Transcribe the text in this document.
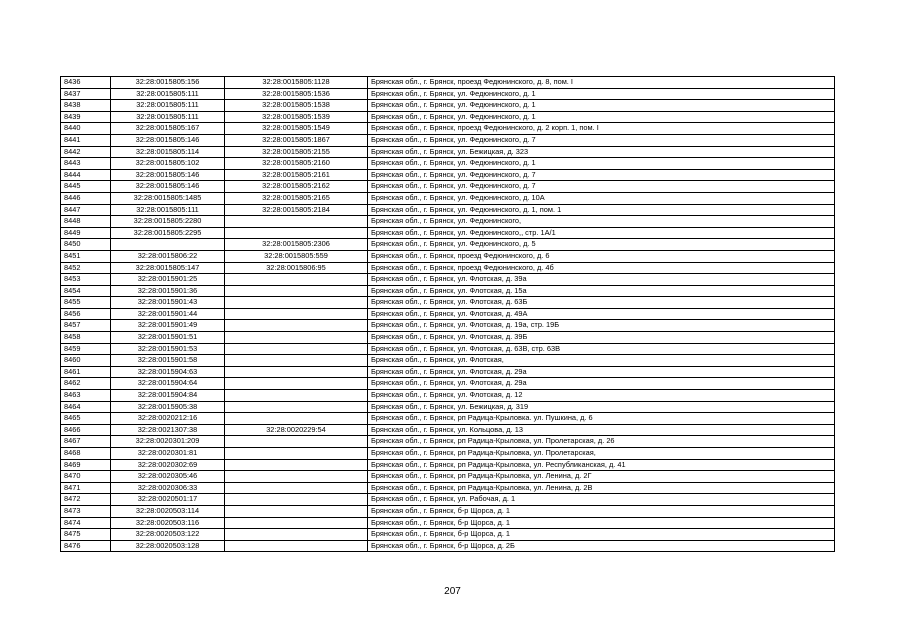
8436	32:28:0015805:156	32:28:0015805:1128	Брянская обл., г. Брянск, проезд Федюнинского, д. 8, пом. I
8437	32:28:0015805:111	32:28:0015805:1536	Брянская обл., г. Брянск, ул. Федюнинского, д. 1
8438	32:28:0015805:111	32:28:0015805:1538	Брянская обл., г. Брянск, ул. Федюнинского, д. 1
8439	32:28:0015805:111	32:28:0015805:1539	Брянская обл., г. Брянск, ул. Федюнинского, д. 1
8440	32:28:0015805:167	32:28:0015805:1549	Брянская обл., г. Брянск, проезд Федюнинского, д. 2 корп. 1, пом. I
8441	32:28:0015805:146	32:28:0015805:1867	Брянская обл., г. Брянск, ул. Федюнинского, д. 7
8442	32:28:0015805:114	32:28:0015805:2155	Брянская обл., г. Брянск, ул. Бежицкая, д. 323
8443	32:28:0015805:102	32:28:0015805:2160	Брянская обл., г. Брянск, ул. Федюнинского, д. 1
8444	32:28:0015805:146	32:28:0015805:2161	Брянская обл., г. Брянск, ул. Федюнинского, д. 7
8445	32:28:0015805:146	32:28:0015805:2162	Брянская обл., г. Брянск, ул. Федюнинского, д. 7
8446	32:28:0015805:1485	32:28:0015805:2165	Брянская обл., г. Брянск, ул. Федюнинского, д. 10А
8447	32:28:0015805:111	32:28:0015805:2184	Брянская обл., г. Брянск, ул. Федюнинского, д. 1, пом. 1
8448	32:28:0015805:2280		Брянская обл., г. Брянск, ул. Федюнинского,
8449	32:28:0015805:2295		Брянская обл., г. Брянск, ул. Федюнинского,, стр. 1А/1
8450		32:28:0015805:2306	Брянская обл., г. Брянск, ул. Федюнинского, д. 5
8451	32:28:0015806:22	32:28:0015805:559	Брянская обл., г. Брянск, проезд Федюнинского, д. 6
8452	32:28:0015805:147	32:28:0015806:95	Брянская обл., г. Брянск, проезд Федюнинского, д. 4б
8453	32:28:0015901:25		Брянская обл., г. Брянск, ул. Флотская, д. 39а
8454	32:28:0015901:36		Брянская обл., г. Брянск, ул. Флотская, д. 15а
8455	32:28:0015901:43		Брянская обл., г. Брянск, ул. Флотская, д. 63Б
8456	32:28:0015901:44		Брянская обл., г. Брянск, ул. Флотская, д. 49А
8457	32:28:0015901:49		Брянская обл., г. Брянск, ул. Флотская, д. 19а, стр. 19Б
8458	32:28:0015901:51		Брянская обл., г. Брянск, ул. Флотская, д. 39Б
8459	32:28:0015901:53		Брянская обл., г. Брянск, ул. Флотская, д. 63В, стр. 63В
8460	32:28:0015901:58		Брянская обл., г. Брянск, ул. Флотская,
8461	32:28:0015904:63		Брянская обл., г. Брянск, ул. Флотская, д. 29а
8462	32:28:0015904:64		Брянская обл., г. Брянск, ул. Флотская, д. 29а
8463	32:28:0015904:84		Брянская обл., г. Брянск, ул. Флотская, д. 12
8464	32:28:0015905:38		Брянская обл., г. Брянск, ул. Бежицкая, д. 319
8465	32:28:0020212:16		Брянская обл., г. Брянск, рп Радица-Крыловка. ул. Пушкина, д. 6
8466	32:28:0021307:38	32:28:0020229:54	Брянская обл., г. Брянск, ул. Кольцова, д. 13
8467	32:28:0020301:209		Брянская обл., г. Брянск, рп Радица-Крыловка, ул. Пролетарская, д. 26
8468	32:28:0020301:81		Брянская обл., г. Брянск, рп Радица-Крыловка, ул. Пролетарская,
8469	32:28:0020302:69		Брянская обл., г. Брянск, рп Радица-Крыловка, ул. Республиканская, д. 41
8470	32:28:0020305:46		Брянская обл., г. Брянск, рп Радица-Крыловка, ул. Ленина, д. 2Г
8471	32:28:0020306:33		Брянская обл., г. Брянск, рп Радица-Крыловка, ул. Ленина, д. 2В
8472	32:28:0020501:17		Брянская обл., г. Брянск, ул. Рабочая, д. 1
8473	32:28:0020503:114		Брянская обл., г. Брянск, б-р Щорса, д. 1
8474	32:28:0020503:116		Брянская обл., г. Брянск, б-р Щорса, д. 1
8475	32:28:0020503:122		Брянская обл., г. Брянск, б-р Щорса, д. 1
8476	32:28:0020503:128		Брянская обл., г. Брянск, б-р Щорса, д. 2Б
207
